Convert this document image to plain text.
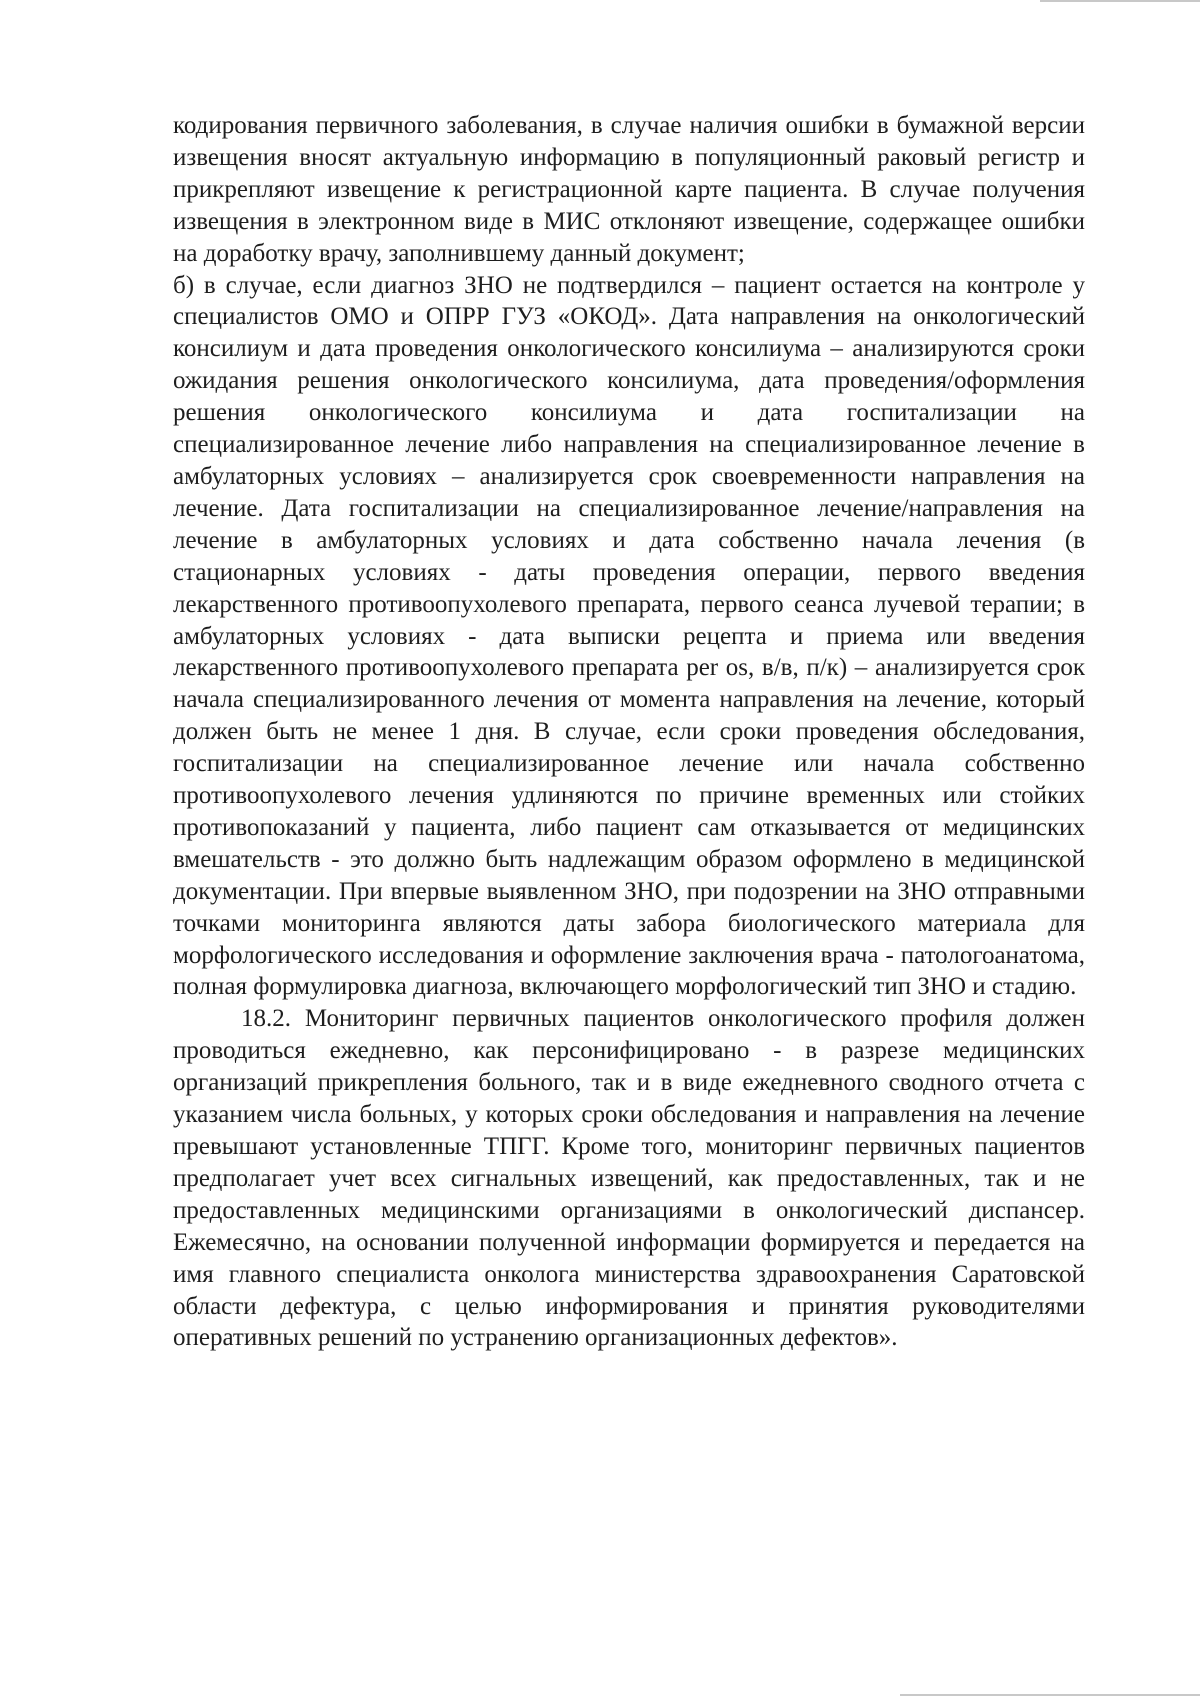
кодирования первичного заболевания, в случае наличия ошибки в бумажной версии извещения вносят актуальную информацию в популяционный раковый регистр и прикрепляют извещение к регистрационной карте пациента. В случае получения извещения в электронном виде в МИС отклоняют извещение, содержащее ошибки на доработку врачу, заполнившему данный документ;

б) в случае, если диагноз ЗНО не подтвердился – пациент остается на контроле у специалистов ОМО и ОПРР ГУЗ «ОКОД». Дата направления на онкологический консилиум и дата проведения онкологического консилиума – анализируются сроки ожидания решения онкологического консилиума, дата проведения/оформления решения онкологического консилиума и дата госпитализации на специализированное лечение либо направления на специализированное лечение в амбулаторных условиях – анализируется срок своевременности направления на лечение. Дата госпитализации на специализированное лечение/направления на лечение в амбулаторных условиях и дата собственно начала лечения (в стационарных условиях - даты проведения операции, первого введения лекарственного противоопухолевого препарата, первого сеанса лучевой терапии; в амбулаторных условиях - дата выписки рецепта и приема или введения лекарственного противоопухолевого препарата per os, в/в, п/к) – анализируется срок начала специализированного лечения от момента направления на лечение, который должен быть не менее 1 дня. В случае, если сроки проведения обследования, госпитализации на специализированное лечение или начала собственно противоопухолевого лечения удлиняются по причине временных или стойких противопоказаний у пациента, либо пациент сам отказывается от медицинских вмешательств - это должно быть надлежащим образом оформлено в медицинской документации. При впервые выявленном ЗНО, при подозрении на ЗНО отправными точками мониторинга являются даты забора биологического материала для морфологического исследования и оформление заключения врача - патологоанатома, полная формулировка диагноза, включающего морфологический тип ЗНО и стадию.

18.2. Мониторинг первичных пациентов онкологического профиля должен проводиться ежедневно, как персонифицировано - в разрезе медицинских организаций прикрепления больного, так и в виде ежедневного сводного отчета с указанием числа больных, у которых сроки обследования и направления на лечение превышают установленные ТПГГ. Кроме того, мониторинг первичных пациентов предполагает учет всех сигнальных извещений, как предоставленных, так и не предоставленных медицинскими организациями в онкологический диспансер. Ежемесячно, на основании полученной информации формируется и передается на имя главного специалиста онколога министерства здравоохранения Саратовской области дефектура, с целью информирования и принятия руководителями оперативных решений по устранению организационных дефектов».
